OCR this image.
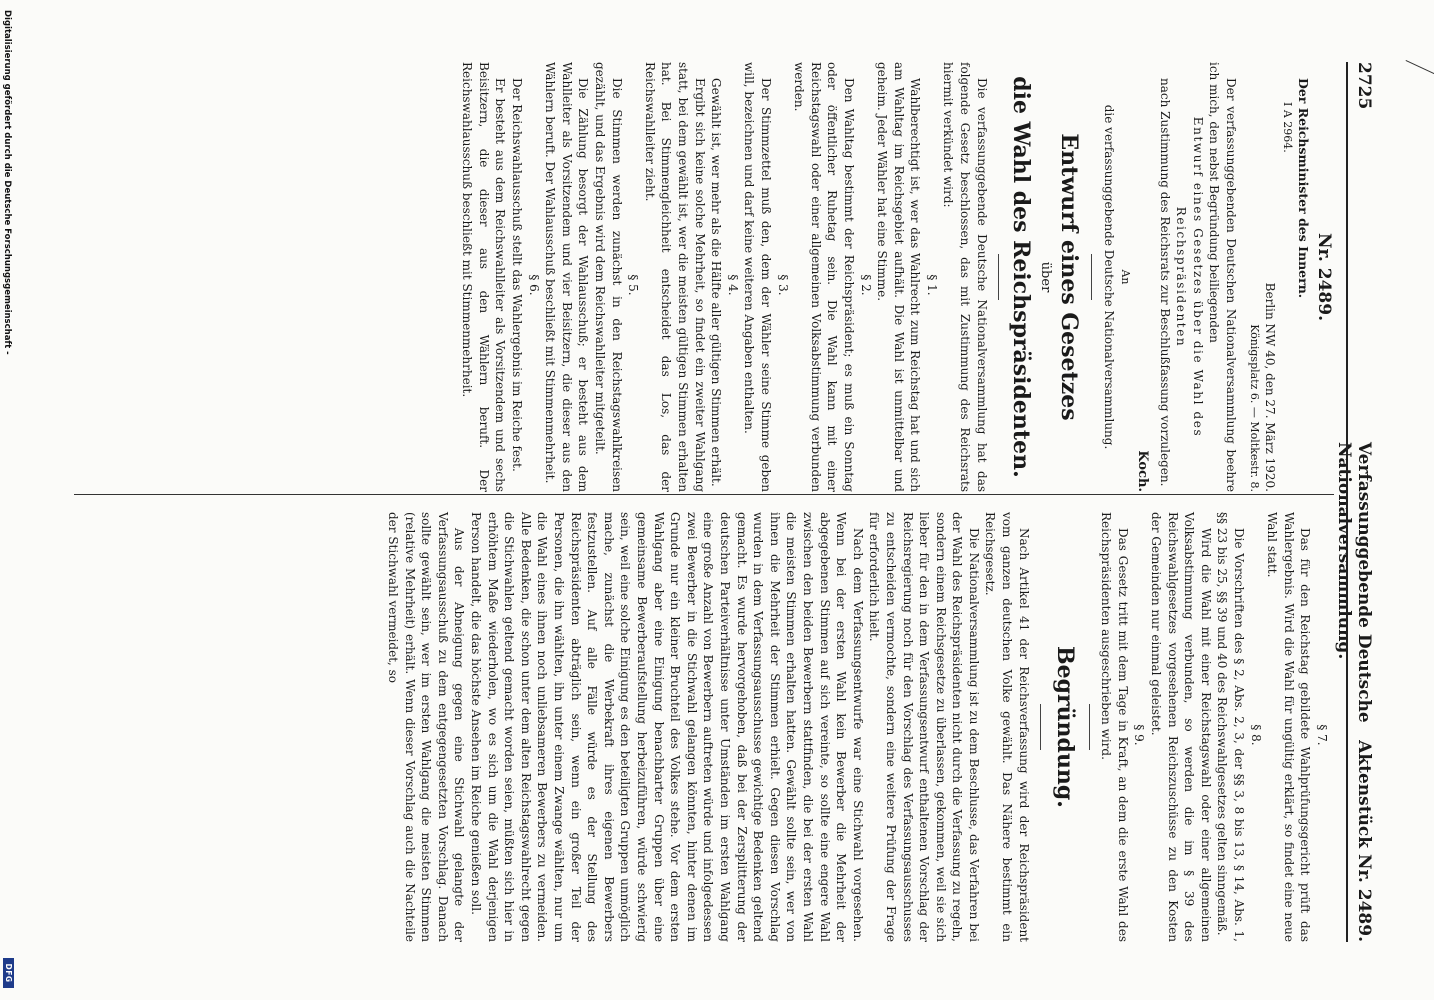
2725
Verfassunggebende Deutsche Nationalversammlung.
Aktenstück Nr. 2489.
Nr. 2489.

Der Reichsminister des Innern.

I A 2964.

Berlin NW 40, den 27. März 1920.

Königsplatz 6. — Moltkestr. 8.

Der verfassunggebenden Deutschen Nationalversammlung beehre ich mich, den nebst Begründung beiliegenden

Entwurf eines Gesetzes über die Wahl des Reichspräsidenten

nach Zustimmung des Reichsrats zur Beschlußfassung vorzulegen.

Koch.

An

die verfassunggebende Deutsche Nationalversammlung.

Entwurf eines Gesetzes
über
die Wahl des Reichspräsidenten.

Die verfassunggebende Deutsche Nationalversammlung hat das folgende Gesetz beschlossen, das mit Zustimmung des Reichsrats hiermit verkündet wird:

§ 1.

Wahlberechtigt ist, wer das Wahlrecht zum Reichstag hat und sich am Wahltag im Reichsgebiet aufhält. Die Wahl ist unmittelbar und geheim. Jeder Wähler hat eine Stimme.

§ 2.

Den Wahltag bestimmt der Reichspräsident; es muß ein Sonntag oder öffentlicher Ruhetag sein. Die Wahl kann mit einer Reichstagswahl oder einer allgemeinen Volksabstimmung verbunden werden.

§ 3.

Der Stimmzettel muß den, dem der Wähler seine Stimme geben will, bezeichnen und darf keine weiteren Angaben enthalten.

§ 4.

Gewählt ist, wer mehr als die Hälfte aller gültigen Stimmen erhält.

Ergibt sich keine solche Mehrheit, so findet ein zweiter Wahlgang statt, bei dem gewählt ist, wer die meisten gültigen Stimmen erhalten hat. Bei Stimmengleichheit entscheidet das Los, das der Reichswahlleiter zieht.

§ 5.

Die Stimmen werden zunächst in den Reichstagswahlkreisen gezählt, und das Ergebnis wird dem Reichswahlleiter mitgeteilt.

Die Zählung besorgt der Wahlausschuß; er besteht aus dem Wahlleiter als Vorsitzendem und vier Beisitzern, die dieser aus den Wählern beruft. Der Wahlausschuß beschließt mit Stimmenmehrheit.

§ 6.

Der Reichswahlausschuß stellt das Wahlergebnis im Reiche fest.

Er besteht aus dem Reichswahlleiter als Vorsitzendem und sechs Beisitzern, die dieser aus den Wählern beruft. Der Reichswahlausschuß beschließt mit Stimmenmehrheit.

§ 7.

Das für den Reichstag gebildete Wahlprüfungsgericht prüft das Wahlergebnis. Wird die Wahl für ungültig erklärt, so findet eine neue Wahl statt.

§ 8.

Die Vorschriften des § 2, Abs. 2, 3, der §§ 3, 8 bis 13, § 14, Abs. 1, §§ 23 bis 25, §§ 39 und 40 des Reichswahlgesetzes gelten sinngemäß.

Wird die Wahl mit einer Reichstagswahl oder einer allgemeinen Volksabstimmung verbunden, so werden die im § 39 des Reichswahlgesetzes vorgesehenen Reichszuschüsse zu den Kosten der Gemeinden nur einmal geleistet.

§ 9.

Das Gesetz tritt mit dem Tage in Kraft, an dem die erste Wahl des Reichspräsidenten ausgeschrieben wird.

Begründung.

Nach Artikel 41 der Reichsverfassung wird der Reichspräsident vom ganzen deutschen Volke gewählt. Das Nähere bestimmt ein Reichsgesetz.

Die Nationalversammlung ist zu dem Beschlusse, das Verfahren bei der Wahl des Reichspräsidenten nicht durch die Verfassung zu regeln, sondern einem Reichsgesetze zu überlassen, gekommen, weil sie sich lieber für den in dem Verfassungsentwurf enthaltenen Vorschlag der Reichsregierung noch für den Vorschlag des Verfassungsausschusses zu entscheiden vermochte, sondern eine weitere Prüfung der Frage für erforderlich hielt.

Nach dem Verfassungsentwurfe war eine Stichwahl vorgesehen. Wenn bei der ersten Wahl kein Bewerber die Mehrheit der abgegebenen Stimmen auf sich vereinte, so sollte eine engere Wahl zwischen den beiden Bewerbern stattfinden, die bei der ersten Wahl die meisten Stimmen erhalten hatten. Gewählt sollte sein, wer von ihnen die Mehrheit der Stimmen erhielt. Gegen diesen Vorschlag wurden in dem Verfassungsausschusse gewichtige Bedenken geltend gemacht. Es wurde hervorgehoben, daß bei der Zersplitterung der deutschen Parteiverhältnisse unter Umständen im ersten Wahlgang eine große Anzahl von Bewerbern auftreten würde und infolgedessen zwei Bewerber in die Stichwahl gelangen könnten, hinter denen im Grunde nur ein kleiner Bruchteil des Volkes stehe. Vor dem ersten Wahlgang aber eine Einigung benachbarter Gruppen über eine gemeinsame Bewerberaufstellung herbeizuführen, würde schwierig sein, weil eine solche Einigung es den beteiligten Gruppen unmöglich mache, zunächst die Werbekraft ihres eigenen Bewerbers festzustellen. Auf alle Fälle würde es der Stellung des Reichspräsidenten abträglich sein, wenn ein großer Teil der Personen, die ihn wählten, ihn unter einem Zwange wählten, nur um die Wahl eines ihnen noch unliebsameren Bewerbers zu vermeiden. Alle Bedenken, die schon unter dem alten Reichstagswahlrecht gegen die Stichwahlen geltend gemacht worden seien, müßten sich hier in erhöhtem Maße wiederholen, wo es sich um die Wahl derjenigen Person handelt, die das höchste Ansehen im Reiche genießen soll.

Aus der Abneigung gegen eine Stichwahl gelangte der Verfassungsausschuß zu dem entgegengesetzten Vorschlag. Danach sollte gewählt sein, wer im ersten Wahlgang die meisten Stimmen (relative Mehrheit) erhält. Wenn dieser Vorschlag auch die Nachteile der Stichwahl vermeidet, so

Digitalisierung gefördert durch die Deutsche Forschungsgemeinschaft -
DFG
